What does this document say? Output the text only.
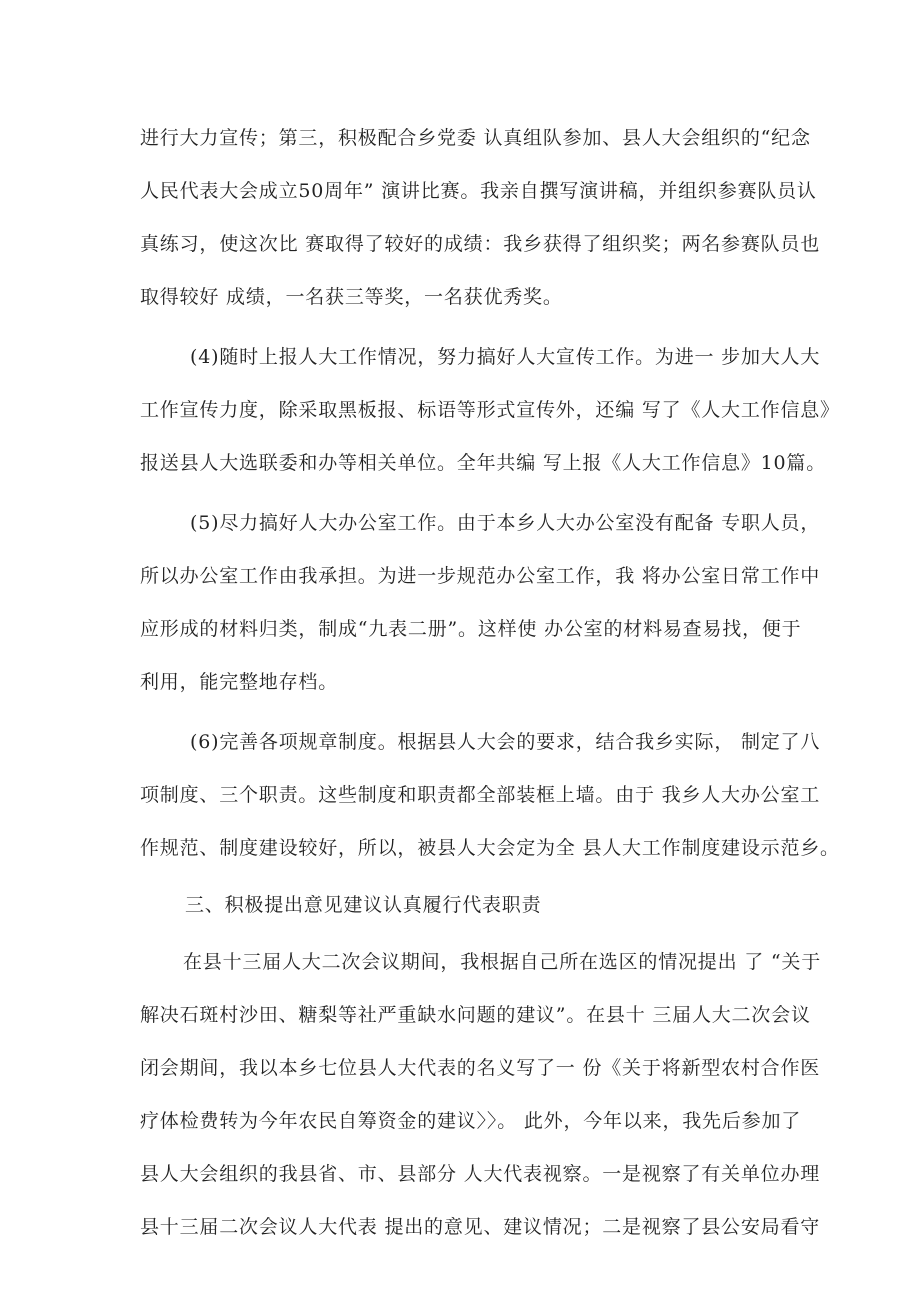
进行大力宣传；第三，积极配合乡党委 认真组队参加、县人大会组织的“纪念

人民代表大会成立50周年” 演讲比赛。我亲自撰写演讲稿，并组织参赛队员认

真练习，使这次比 赛取得了较好的成绩：我乡获得了组织奖；两名参赛队员也

取得较好 成绩，一名获三等奖，一名获优秀奖。

(4)随时上报人大工作情况，努力搞好人大宣传工作。为进一 步加大人大

工作宣传力度，除采取黑板报、标语等形式宣传外，还编 写了《人大工作信息》

报送县人大选联委和办等相关单位。全年共编 写上报《人大工作信息》10篇。

(5)尽力搞好人大办公室工作。由于本乡人大办公室没有配备 专职人员，

所以办公室工作由我承担。为进一步规范办公室工作，我 将办公室日常工作中

应形成的材料归类，制成“九表二册”。这样使 办公室的材料易查易找，便于

利用，能完整地存档。

(6)完善各项规章制度。根据县人大会的要求，结合我乡实际， 制定了八

项制度、三个职责。这些制度和职责都全部装框上墙。由于 我乡人大办公室工

作规范、制度建设较好，所以，被县人大会定为全 县人大工作制度建设示范乡。

三、积极提出意见建议认真履行代表职责

在县十三届人大二次会议期间，我根据自己所在选区的情况提出 了 “关于

解决石斑村沙田、糖梨等社严重缺水问题的建议”。在县十 三届人大二次会议

闭会期间，我以本乡七位县人大代表的名义写了一 份《关于将新型农村合作医

疗体检费转为今年农民自筹资金的建议〉〉。 此外，今年以来，我先后参加了

县人大会组织的我县省、市、县部分 人大代表视察。一是视察了有关单位办理

县十三届二次会议人大代表 提出的意见、建议情况；二是视察了县公安局看守
